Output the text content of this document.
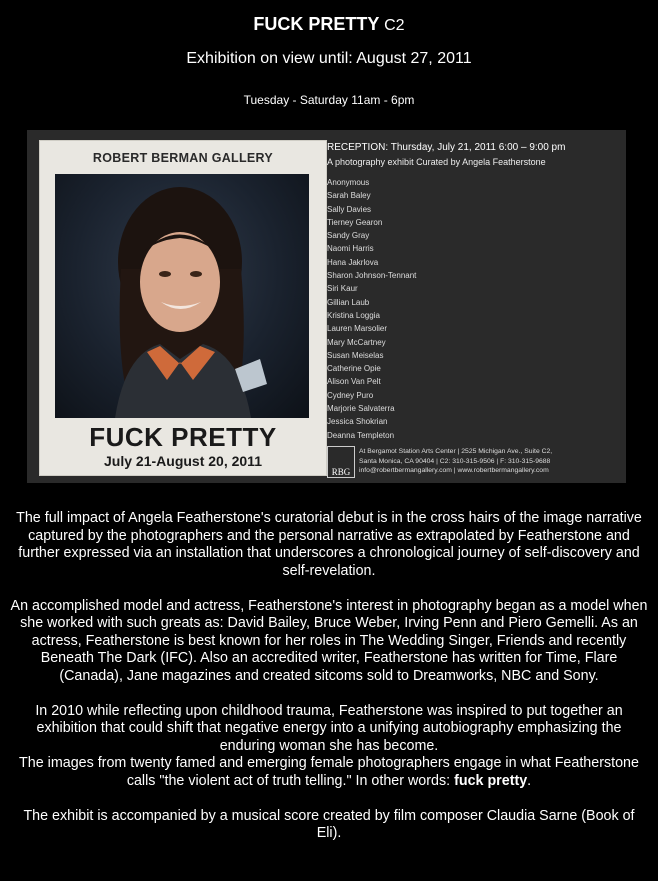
FUCK PRETTY C2
Exhibition on view until: August 27, 2011
Tuesday - Saturday 11am - 6pm
ROBERT BERMAN GALLERY
FUCK PRETTY
July 21-August 20, 2011
RECEPTION: Thursday, July 21, 2011 6:00 – 9:00 pm
A photography exhibit Curated by Angela Featherstone
Anonymous
Sarah Baley
Sally Davies
Tierney Gearon
Sandy Gray
Naomi Harris
Hana Jakrlova
Sharon Johnson-Tennant
Siri Kaur
Gillian Laub
Kristina Loggia
Lauren Marsolier
Mary McCartney
Susan Meiselas
Catherine Opie
Alison Van Pelt
Cydney Puro
Marjorie Salvaterra
Jessica Shokrian
Deanna Templeton
RBG
At Bergamot Station Arts Center | 2525 Michigan Ave., Suite C2,
Santa Monica, CA 90404 | C2: 310-315-9506 | F: 310-315-9688
info@robertbermangallery.com | www.robertbermangallery.com

The full impact of Angela Featherstone's curatorial debut is in the cross hairs of the image narrative captured by the photographers and the personal narrative as extrapolated by Featherstone and further expressed via an installation that underscores a chronological journey of self-discovery and self-revelation.

An accomplished model and actress, Featherstone's interest in photography began as a model when she worked with such greats as: David Bailey, Bruce Weber, Irving Penn and Piero Gemelli. As an actress, Featherstone is best known for her roles in The Wedding Singer, Friends and recently Beneath The Dark (IFC). Also an accredited writer, Featherstone has written for Time, Flare (Canada), Jane magazines and created sitcoms sold to Dreamworks, NBC and Sony.

In 2010 while reflecting upon childhood trauma, Featherstone was inspired to put together an exhibition that could shift that negative energy into a unifying autobiography emphasizing the enduring woman she has become.
The images from twenty famed and emerging female photographers engage in what Featherstone calls "the violent act of truth telling." In other words: fuck pretty.

The exhibit is accompanied by a musical score created by film composer Claudia Sarne (Book of Eli).
